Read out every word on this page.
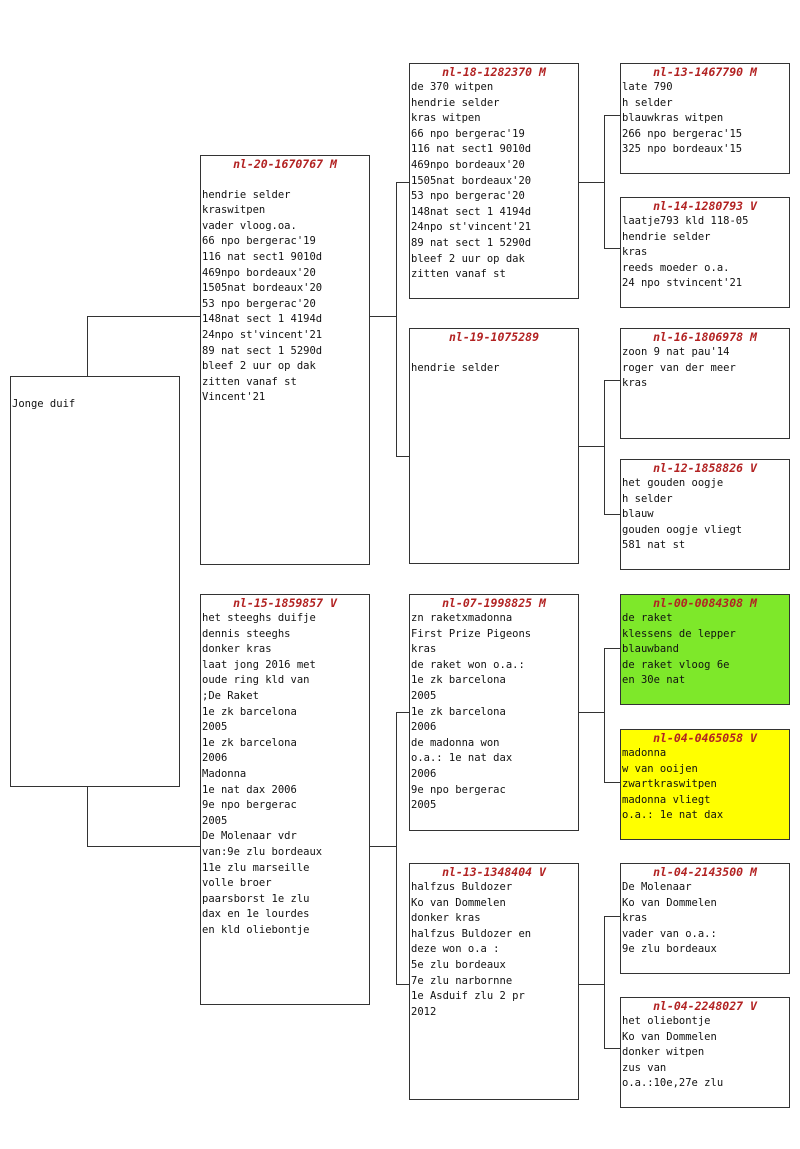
Jonge duif
nl-20-1670767 M

hendrie selder
kraswitpen
vader vloog.oa.
66 npo bergerac'19
116 nat sect1 9010d
469npo bordeaux'20
1505nat bordeaux'20
53 npo bergerac'20
148nat sect 1 4194d
24npo st'vincent'21
89 nat sect 1 5290d
bleef 2 uur op dak
zitten vanaf st
Vincent'21
nl-15-1859857 V
het steeghs duifje
dennis steeghs
donker kras
laat jong 2016 met
oude ring kld van
;De Raket
1e zk barcelona
2005
1e zk barcelona
2006
Madonna
1e nat dax 2006
9e npo bergerac
2005
De Molenaar vdr
van:9e zlu bordeaux
11e zlu marseille
volle broer
paarsborst 1e zlu
dax en 1e lourdes
en kld oliebontje
nl-18-1282370 M
de 370 witpen
hendrie selder
kras witpen
66 npo bergerac'19
116 nat sect1 9010d
469npo bordeaux'20
1505nat bordeaux'20
53 npo bergerac'20
148nat sect 1 4194d
24npo st'vincent'21
89 nat sect 1 5290d
bleef 2 uur op dak
zitten vanaf st
nl-19-1075289

hendrie selder
nl-07-1998825 M
zn raketxmadonna
First Prize Pigeons
kras
de raket won o.a.:
1e zk barcelona
2005
1e zk barcelona
2006
de madonna won
o.a.: 1e nat dax
2006
9e npo bergerac
2005
nl-13-1348404 V
halfzus Buldozer
Ko van Dommelen
donker kras
halfzus Buldozer en
deze won o.a :
5e zlu bordeaux
7e zlu narbornne
1e Asduif zlu 2 pr
2012
nl-13-1467790 M
late 790
h selder
blauwkras witpen
266 npo bergerac'15
325 npo bordeaux'15
nl-14-1280793 V
laatje793 kld 118-05
hendrie selder
kras
reeds moeder o.a.
24 npo stvincent'21
nl-16-1806978 M
zoon 9 nat pau'14
roger van der meer
kras
nl-12-1858826 V
het gouden oogje
h selder
blauw
gouden oogje vliegt
581 nat st
nl-00-0084308 M
de raket
klessens de lepper
blauwband
de raket vloog 6e
en 30e nat
nl-04-0465058 V
madonna
w van ooijen
zwartkraswitpen
madonna vliegt
o.a.: 1e nat dax
nl-04-2143500 M
De Molenaar
Ko van Dommelen
kras
vader van o.a.:
9e zlu bordeaux
nl-04-2248027 V
het oliebontje
Ko van Dommelen
donker witpen
zus van
o.a.:10e,27e zlu
